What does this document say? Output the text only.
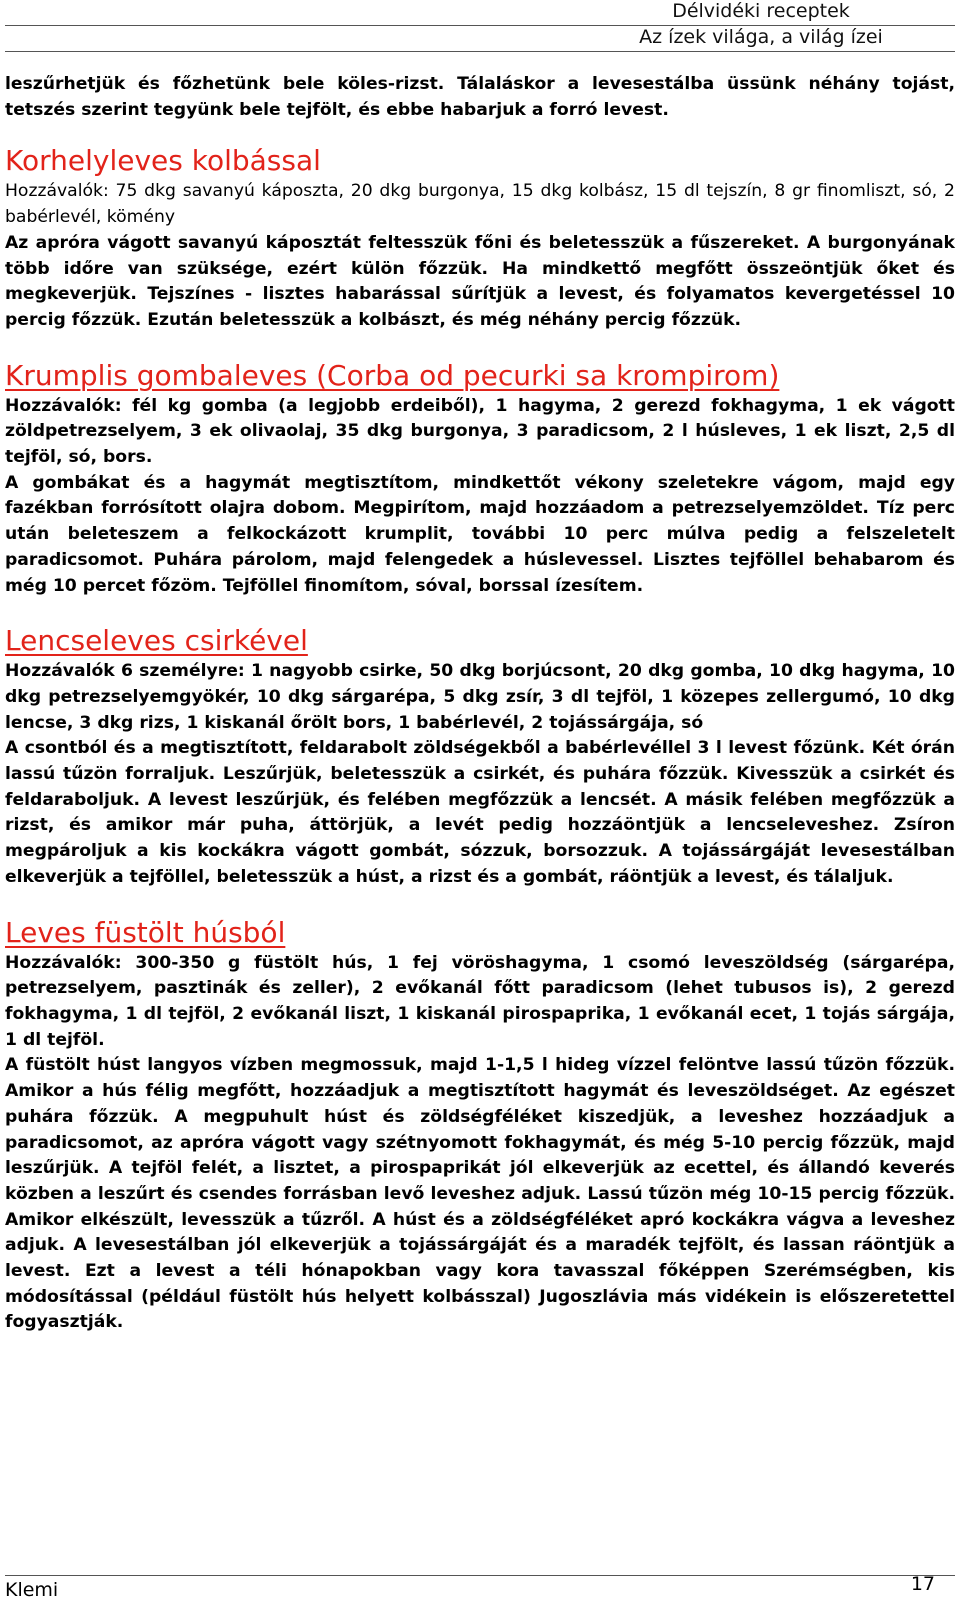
Délvidéki receptek
Az ízek világa, a világ ízei

leszűrhetjük és főzhetünk bele köles-rizst. Tálaláskor a levesestálba üssünk néhány tojást, tetszés szerint tegyünk bele tejfölt, és ebbe habarjuk a forró levest.

Korhelyleves kolbással

Hozzávalók: 75 dkg savanyú káposzta, 20 dkg burgonya, 15 dkg kolbász, 15 dl tejszín, 8 gr finomliszt, só, 2 babérlevél, kömény

Az apróra vágott savanyú káposztát feltesszük főni és beletesszük a fűszereket. A burgonyának több időre van szüksége, ezért külön főzzük. Ha mindkettő megfőtt összeöntjük őket és megkeverjük. Tejszínes - lisztes habarással sűrítjük a levest, és folyamatos kevergetéssel 10 percig főzzük. Ezután beletesszük a kolbászt, és még néhány percig főzzük.

Krumplis gombaleves (Corba od pecurki sa krompirom)

Hozzávalók: fél kg gomba (a legjobb erdeiből), 1 hagyma, 2 gerezd fokhagyma, 1 ek vágott zöldpetrezselyem, 3 ek olivaolaj, 35 dkg burgonya, 3 paradicsom, 2 l húsleves, 1 ek liszt, 2,5 dl tejföl, só, bors.

A gombákat és a hagymát megtisztítom, mindkettőt vékony szeletekre vágom, majd egy fazékban forrósított olajra dobom. Megpirítom, majd hozzáadom a petrezselyemzöldet. Tíz perc után beleteszem a felkockázott krumplit, további 10 perc múlva pedig a felszeletelt paradicsomot. Puhára párolom, majd felengedek a húslevessel. Lisztes tejföllel behabarom és még 10 percet főzöm. Tejföllel finomítom, sóval, borssal ízesítem.

Lencseleves csirkével

Hozzávalók 6 személyre: 1 nagyobb csirke, 50 dkg borjúcsont, 20 dkg gomba, 10 dkg hagyma, 10 dkg petrezselyemgyökér, 10 dkg sárgarépa, 5 dkg zsír, 3 dl tejföl, 1 közepes zellergumó, 10 dkg lencse, 3 dkg rizs, 1 kiskanál őrölt bors, 1 babérlevél, 2 tojássárgája, só

A csontból és a megtisztított, feldarabolt zöldségekből a babérlevéllel 3 l levest főzünk. Két órán lassú tűzön forraljuk. Leszűrjük, beletesszük a csirkét, és puhára főzzük. Kivesszük a csirkét és feldaraboljuk. A levest leszűrjük, és felében megfőzzük a lencsét. A másik felében megfőzzük a rizst, és amikor már puha, áttörjük, a levét pedig hozzáöntjük a lencseleveshez. Zsíron megpároljuk a kis kockákra vágott gombát, sózzuk, borsozzuk. A tojássárgáját levesestálban elkeverjük a tejföllel, beletesszük a húst, a rizst és a gombát, ráöntjük a levest, és tálaljuk.

Leves füstölt húsból

Hozzávalók: 300-350 g füstölt hús, 1 fej vöröshagyma, 1 csomó leveszöldség (sárgarépa, petrezselyem, pasztinák és zeller), 2 evőkanál főtt paradicsom (lehet tubusos is), 2 gerezd fokhagyma, 1 dl tejföl, 2 evőkanál liszt, 1 kiskanál pirospaprika, 1 evőkanál ecet, 1 tojás sárgája, 1 dl tejföl.

A füstölt húst langyos vízben megmossuk, majd 1-1,5 l hideg vízzel felöntve lassú tűzön főzzük. Amikor a hús félig megfőtt, hozzáadjuk a megtisztított hagymát és leveszöldséget. Az egészet puhára főzzük. A megpuhult húst és zöldségféléket kiszedjük, a leveshez hozzáadjuk a paradicsomot, az apróra vágott vagy szétnyomott fokhagymát, és még 5-10 percig főzzük, majd leszűrjük. A tejföl felét, a lisztet, a pirospaprikát jól elkeverjük az ecettel, és állandó keverés közben a leszűrt és csendes forrásban levő leveshez adjuk. Lassú tűzön még 10-15 percig főzzük. Amikor elkészült, levesszük a tűzről. A húst és a zöldségféléket apró kockákra vágva a leveshez adjuk. A levesestálban jól elkeverjük a tojássárgáját és a maradék tejfölt, és lassan ráöntjük a levest. Ezt a levest a téli hónapokban vagy kora tavasszal főképpen Szerémségben, kis módosítással (például füstölt hús helyett kolbásszal) Jugoszlávia más vidékein is előszeretettel fogyasztják.

Klemi	17
